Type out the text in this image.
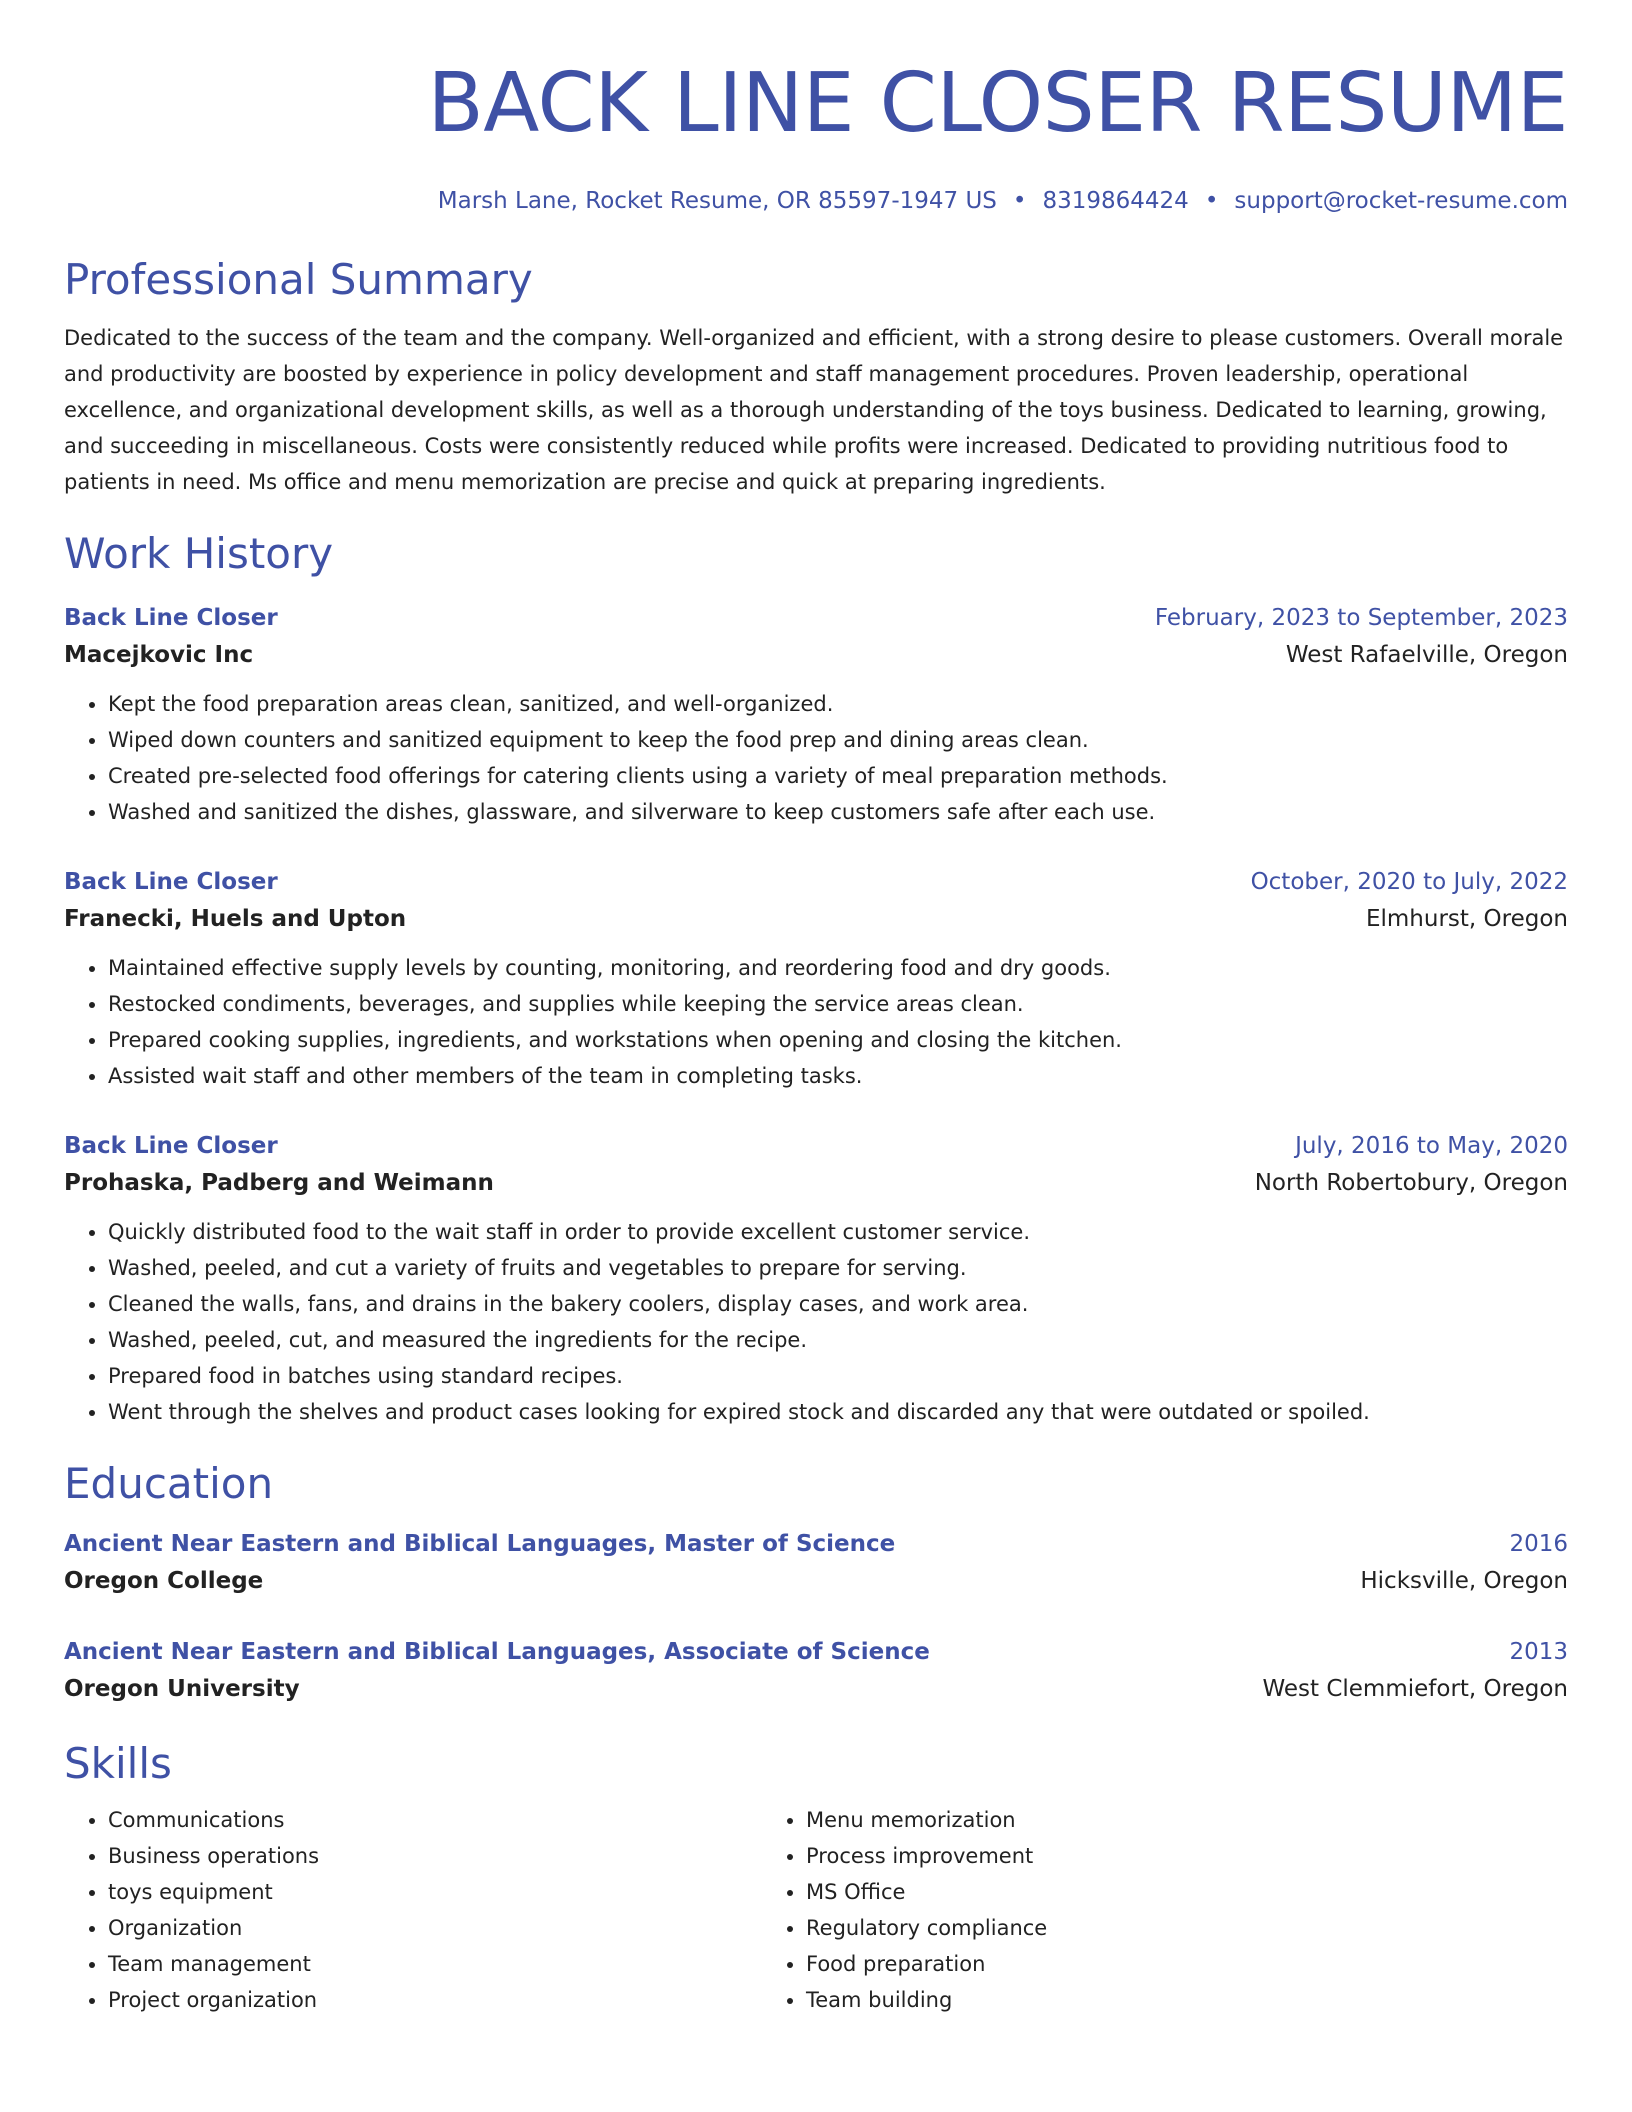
BACK LINE CLOSER RESUME
Marsh Lane, Rocket Resume, OR 85597-1947 US • 8319864424 • support@rocket-resume.com
Professional Summary
Dedicated to the success of the team and the company. Well-organized and efficient, with a strong desire to please customers. Overall morale and productivity are boosted by experience in policy development and staff management procedures. Proven leadership, operational excellence, and organizational development skills, as well as a thorough understanding of the toys business. Dedicated to learning, growing, and succeeding in miscellaneous. Costs were consistently reduced while profits were increased. Dedicated to providing nutritious food to patients in need. Ms office and menu memorization are precise and quick at preparing ingredients.
Work History
Back Line Closer	February, 2023 to September, 2023
Macejkovic Inc	West Rafaelville, Oregon
• Kept the food preparation areas clean, sanitized, and well-organized.
• Wiped down counters and sanitized equipment to keep the food prep and dining areas clean.
• Created pre-selected food offerings for catering clients using a variety of meal preparation methods.
• Washed and sanitized the dishes, glassware, and silverware to keep customers safe after each use.
Back Line Closer	October, 2020 to July, 2022
Franecki, Huels and Upton	Elmhurst, Oregon
• Maintained effective supply levels by counting, monitoring, and reordering food and dry goods.
• Restocked condiments, beverages, and supplies while keeping the service areas clean.
• Prepared cooking supplies, ingredients, and workstations when opening and closing the kitchen.
• Assisted wait staff and other members of the team in completing tasks.
Back Line Closer	July, 2016 to May, 2020
Prohaska, Padberg and Weimann	North Robertobury, Oregon
• Quickly distributed food to the wait staff in order to provide excellent customer service.
• Washed, peeled, and cut a variety of fruits and vegetables to prepare for serving.
• Cleaned the walls, fans, and drains in the bakery coolers, display cases, and work area.
• Washed, peeled, cut, and measured the ingredients for the recipe.
• Prepared food in batches using standard recipes.
• Went through the shelves and product cases looking for expired stock and discarded any that were outdated or spoiled.
Education
Ancient Near Eastern and Biblical Languages, Master of Science	2016
Oregon College	Hicksville, Oregon
Ancient Near Eastern and Biblical Languages, Associate of Science	2013
Oregon University	West Clemmiefort, Oregon
Skills
• Communications
• Business operations
• toys equipment
• Organization
• Team management
• Project organization
• Menu memorization
• Process improvement
• MS Office
• Regulatory compliance
• Food preparation
• Team building
